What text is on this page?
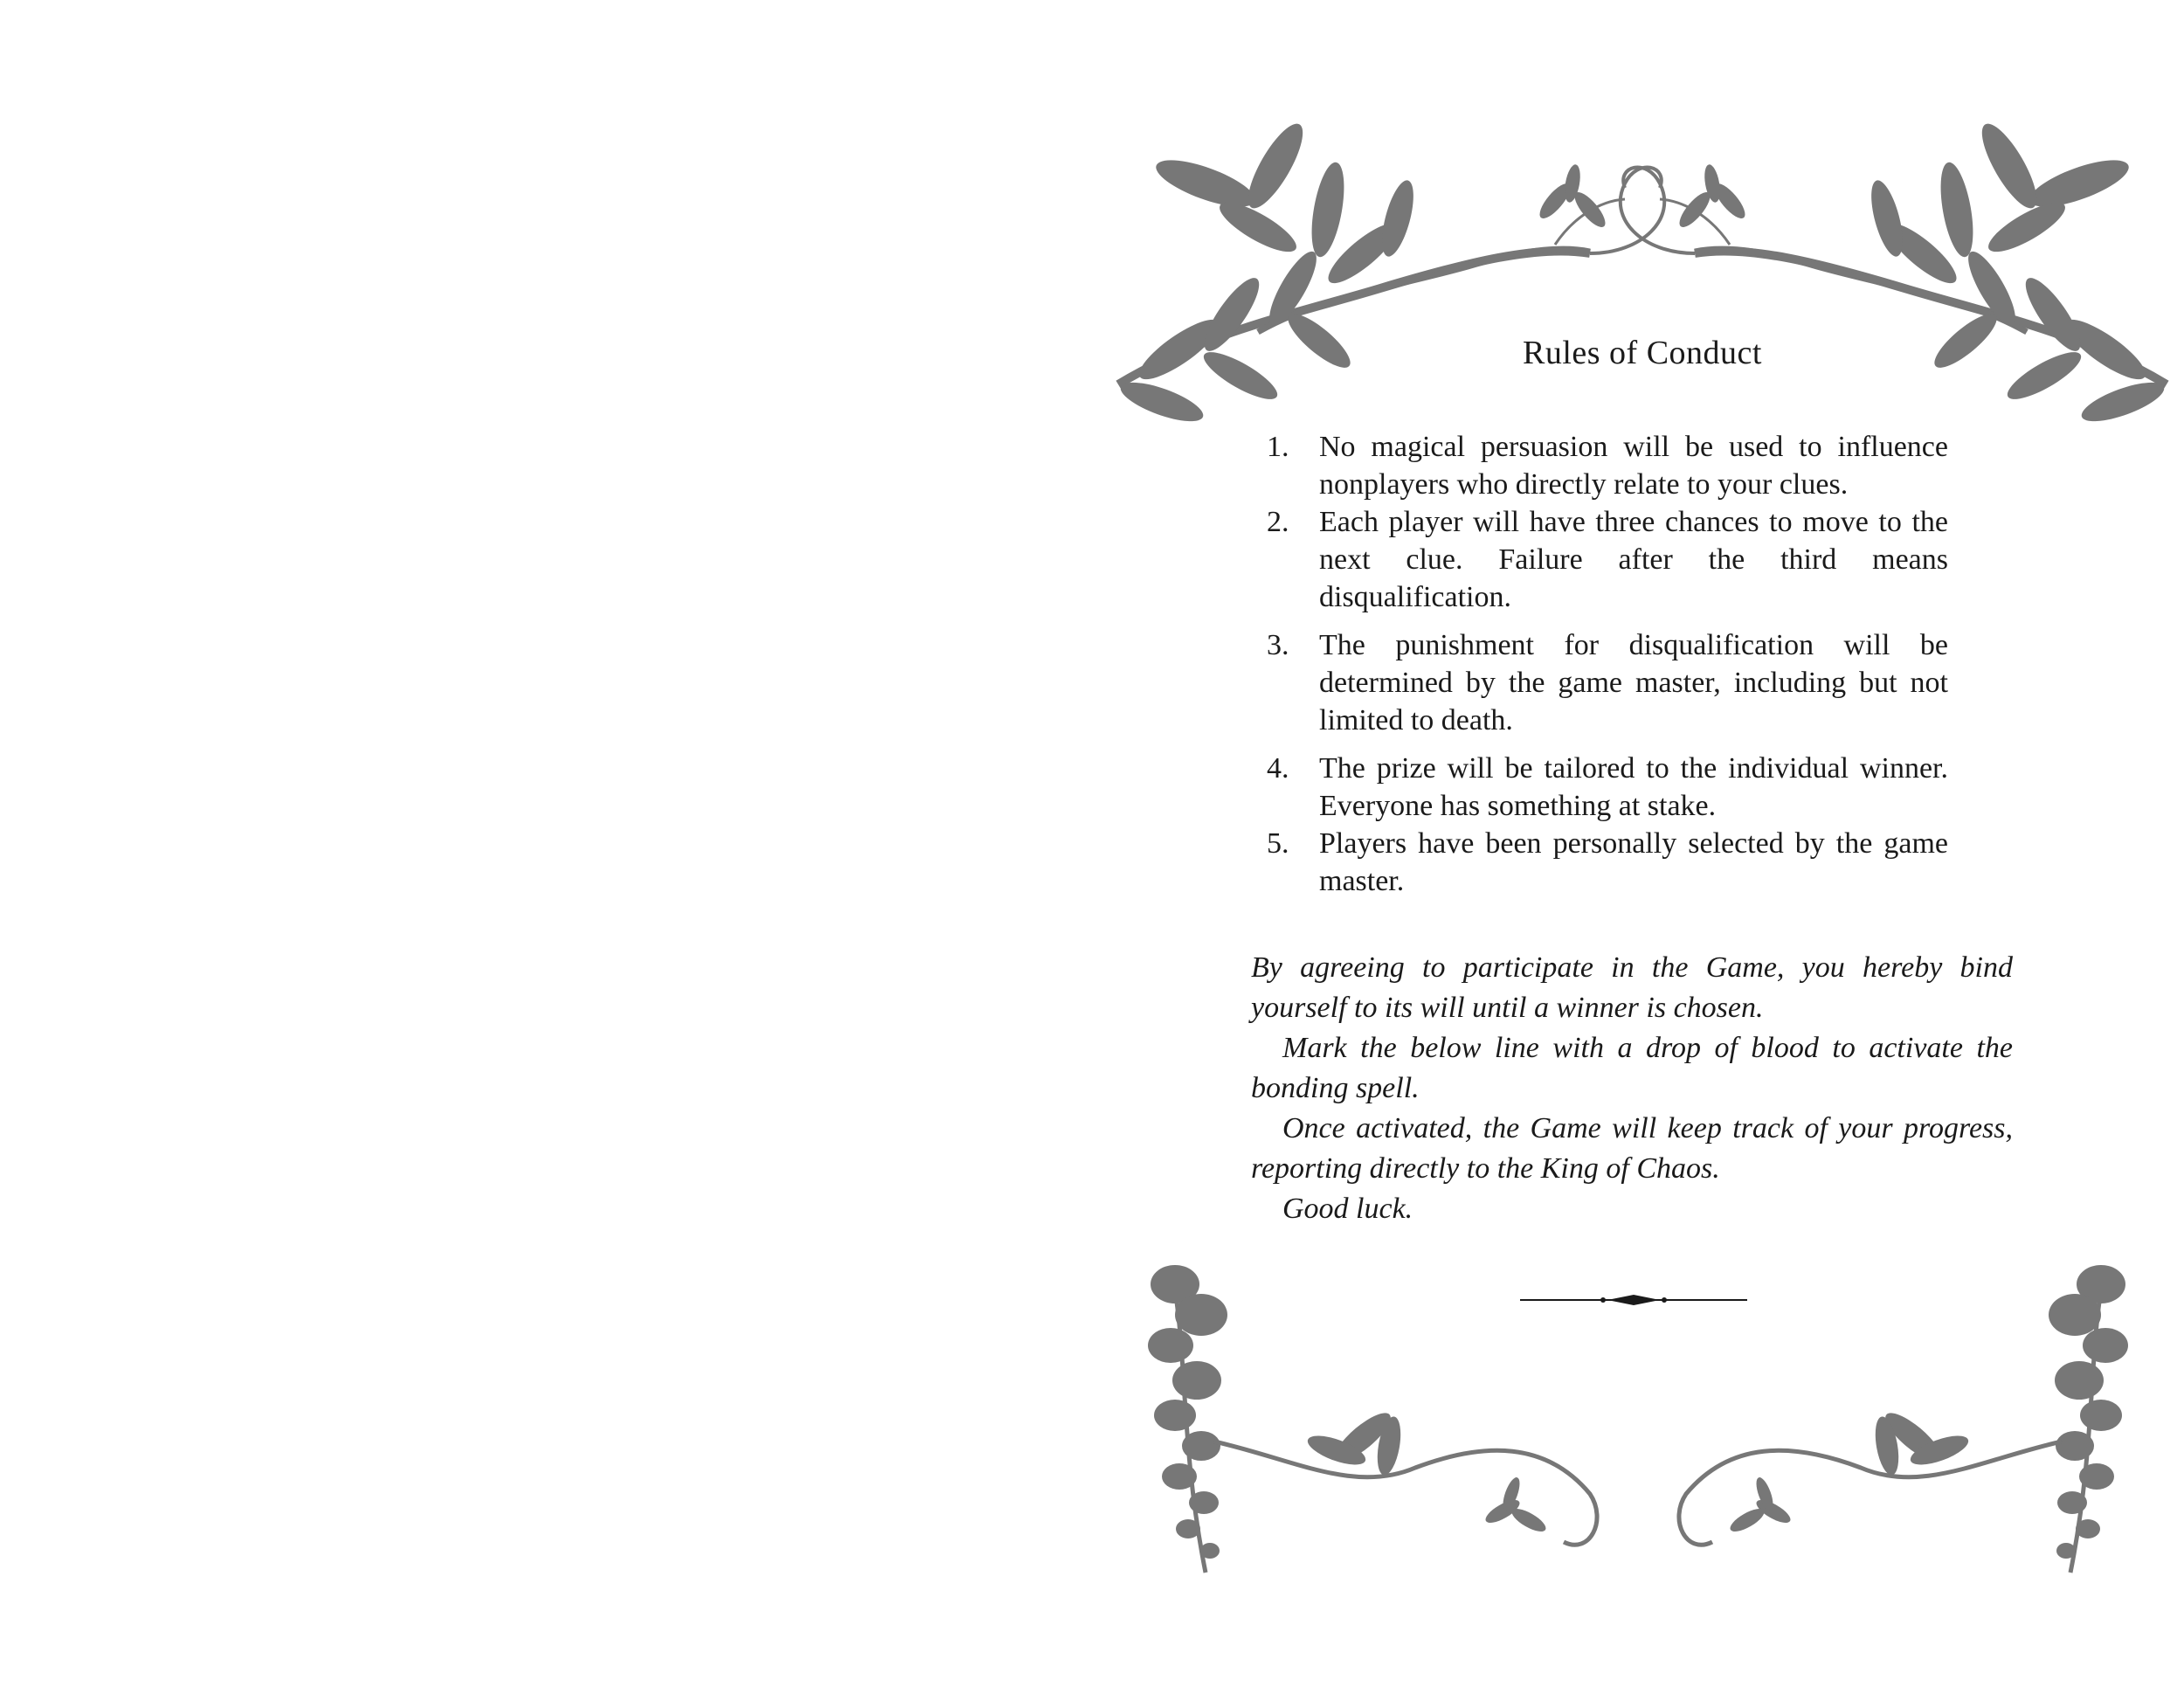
Rules of Conduct
1.	No magical persuasion will be used to influence nonplayers who directly relate to your clues.
2.	Each player will have three chances to move to the next clue. Failure after the third means disqualification.
3.	The punishment for disqualification will be determined by the game master, including but not limited to death.
4.	The prize will be tailored to the individual winner. Everyone has something at stake.
5.	Players have been personally selected by the game master.

By agreeing to participate in the Game, you hereby bind yourself to its will until a winner is chosen.

Mark the below line with a drop of blood to activate the bonding spell.

Once activated, the Game will keep track of your progress, reporting directly to the King of Chaos.

Good luck.
